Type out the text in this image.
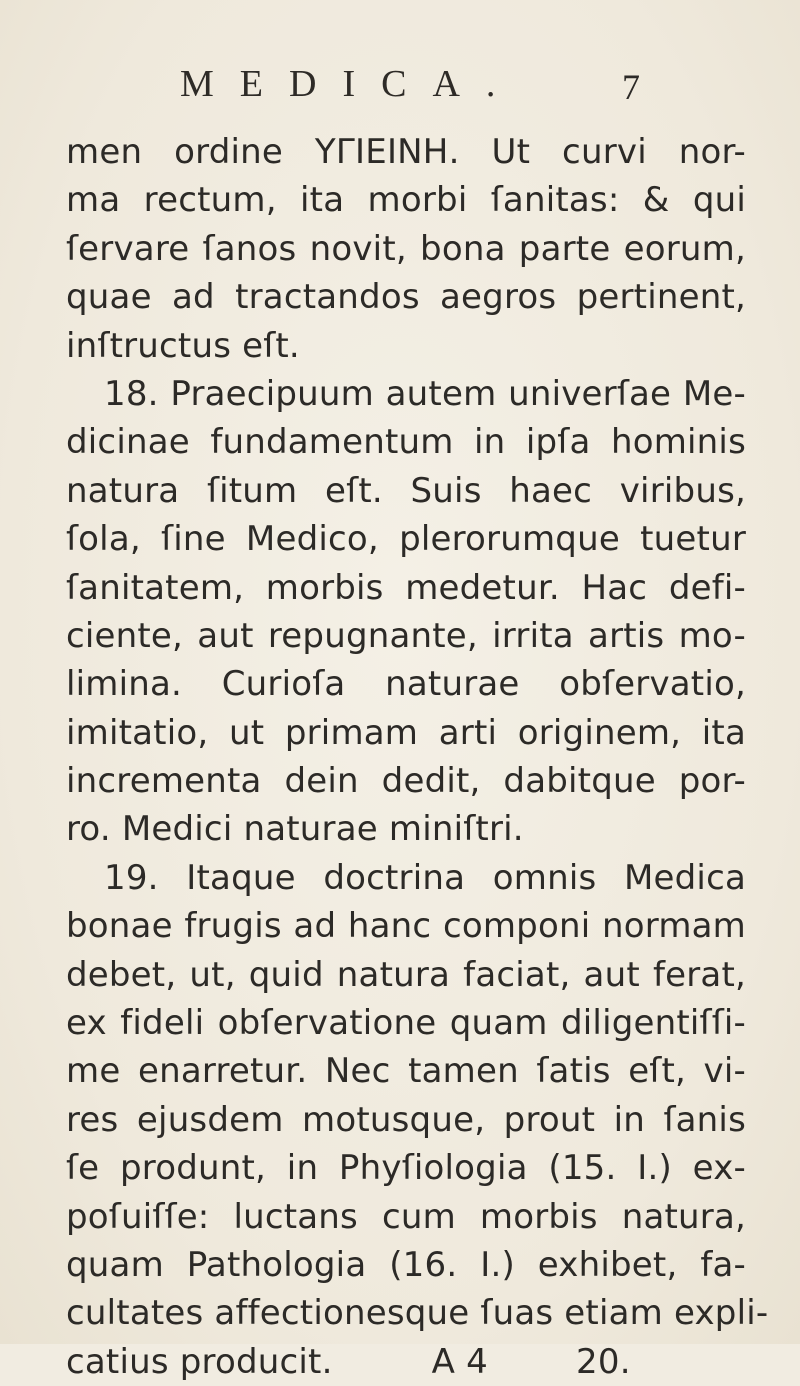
MEDICA.	7
men ordine ΥΓΙΕΙΝΗ. Ut curvi nor-
ma rectum, ita morbi ſanitas: & qui
ſervare ſanos novit, bona parte eorum,
quae ad tractandos aegros pertinent,
inſtructus eſt.
18. Praecipuum autem univerſae Me-
dicinae fundamentum in ipſa hominis
natura ſitum eſt. Suis haec viribus,
ſola, ſine Medico, plerorumque tuetur
ſanitatem, morbis medetur. Hac defi-
ciente, aut repugnante, irrita artis mo-
limina. Curioſa naturae obſervatio,
imitatio, ut primam arti originem, ita
incrementa dein dedit, dabitque por-
ro. Medici naturae miniſtri.
19. Itaque doctrina omnis Medica
bonae frugis ad hanc componi normam
debet, ut, quid natura faciat, aut ferat,
ex fideli obſervatione quam diligentiſſi-
me enarretur. Nec tamen ſatis eſt, vi-
res ejusdem motusque, prout in ſanis
ſe produnt, in Phyſiologia (15. I.) ex-
poſuiſſe: luctans cum morbis natura,
quam Pathologia (16. I.) exhibet, fa-
cultates affectionesque ſuas etiam expli-
catius producit.         A 4        20.
